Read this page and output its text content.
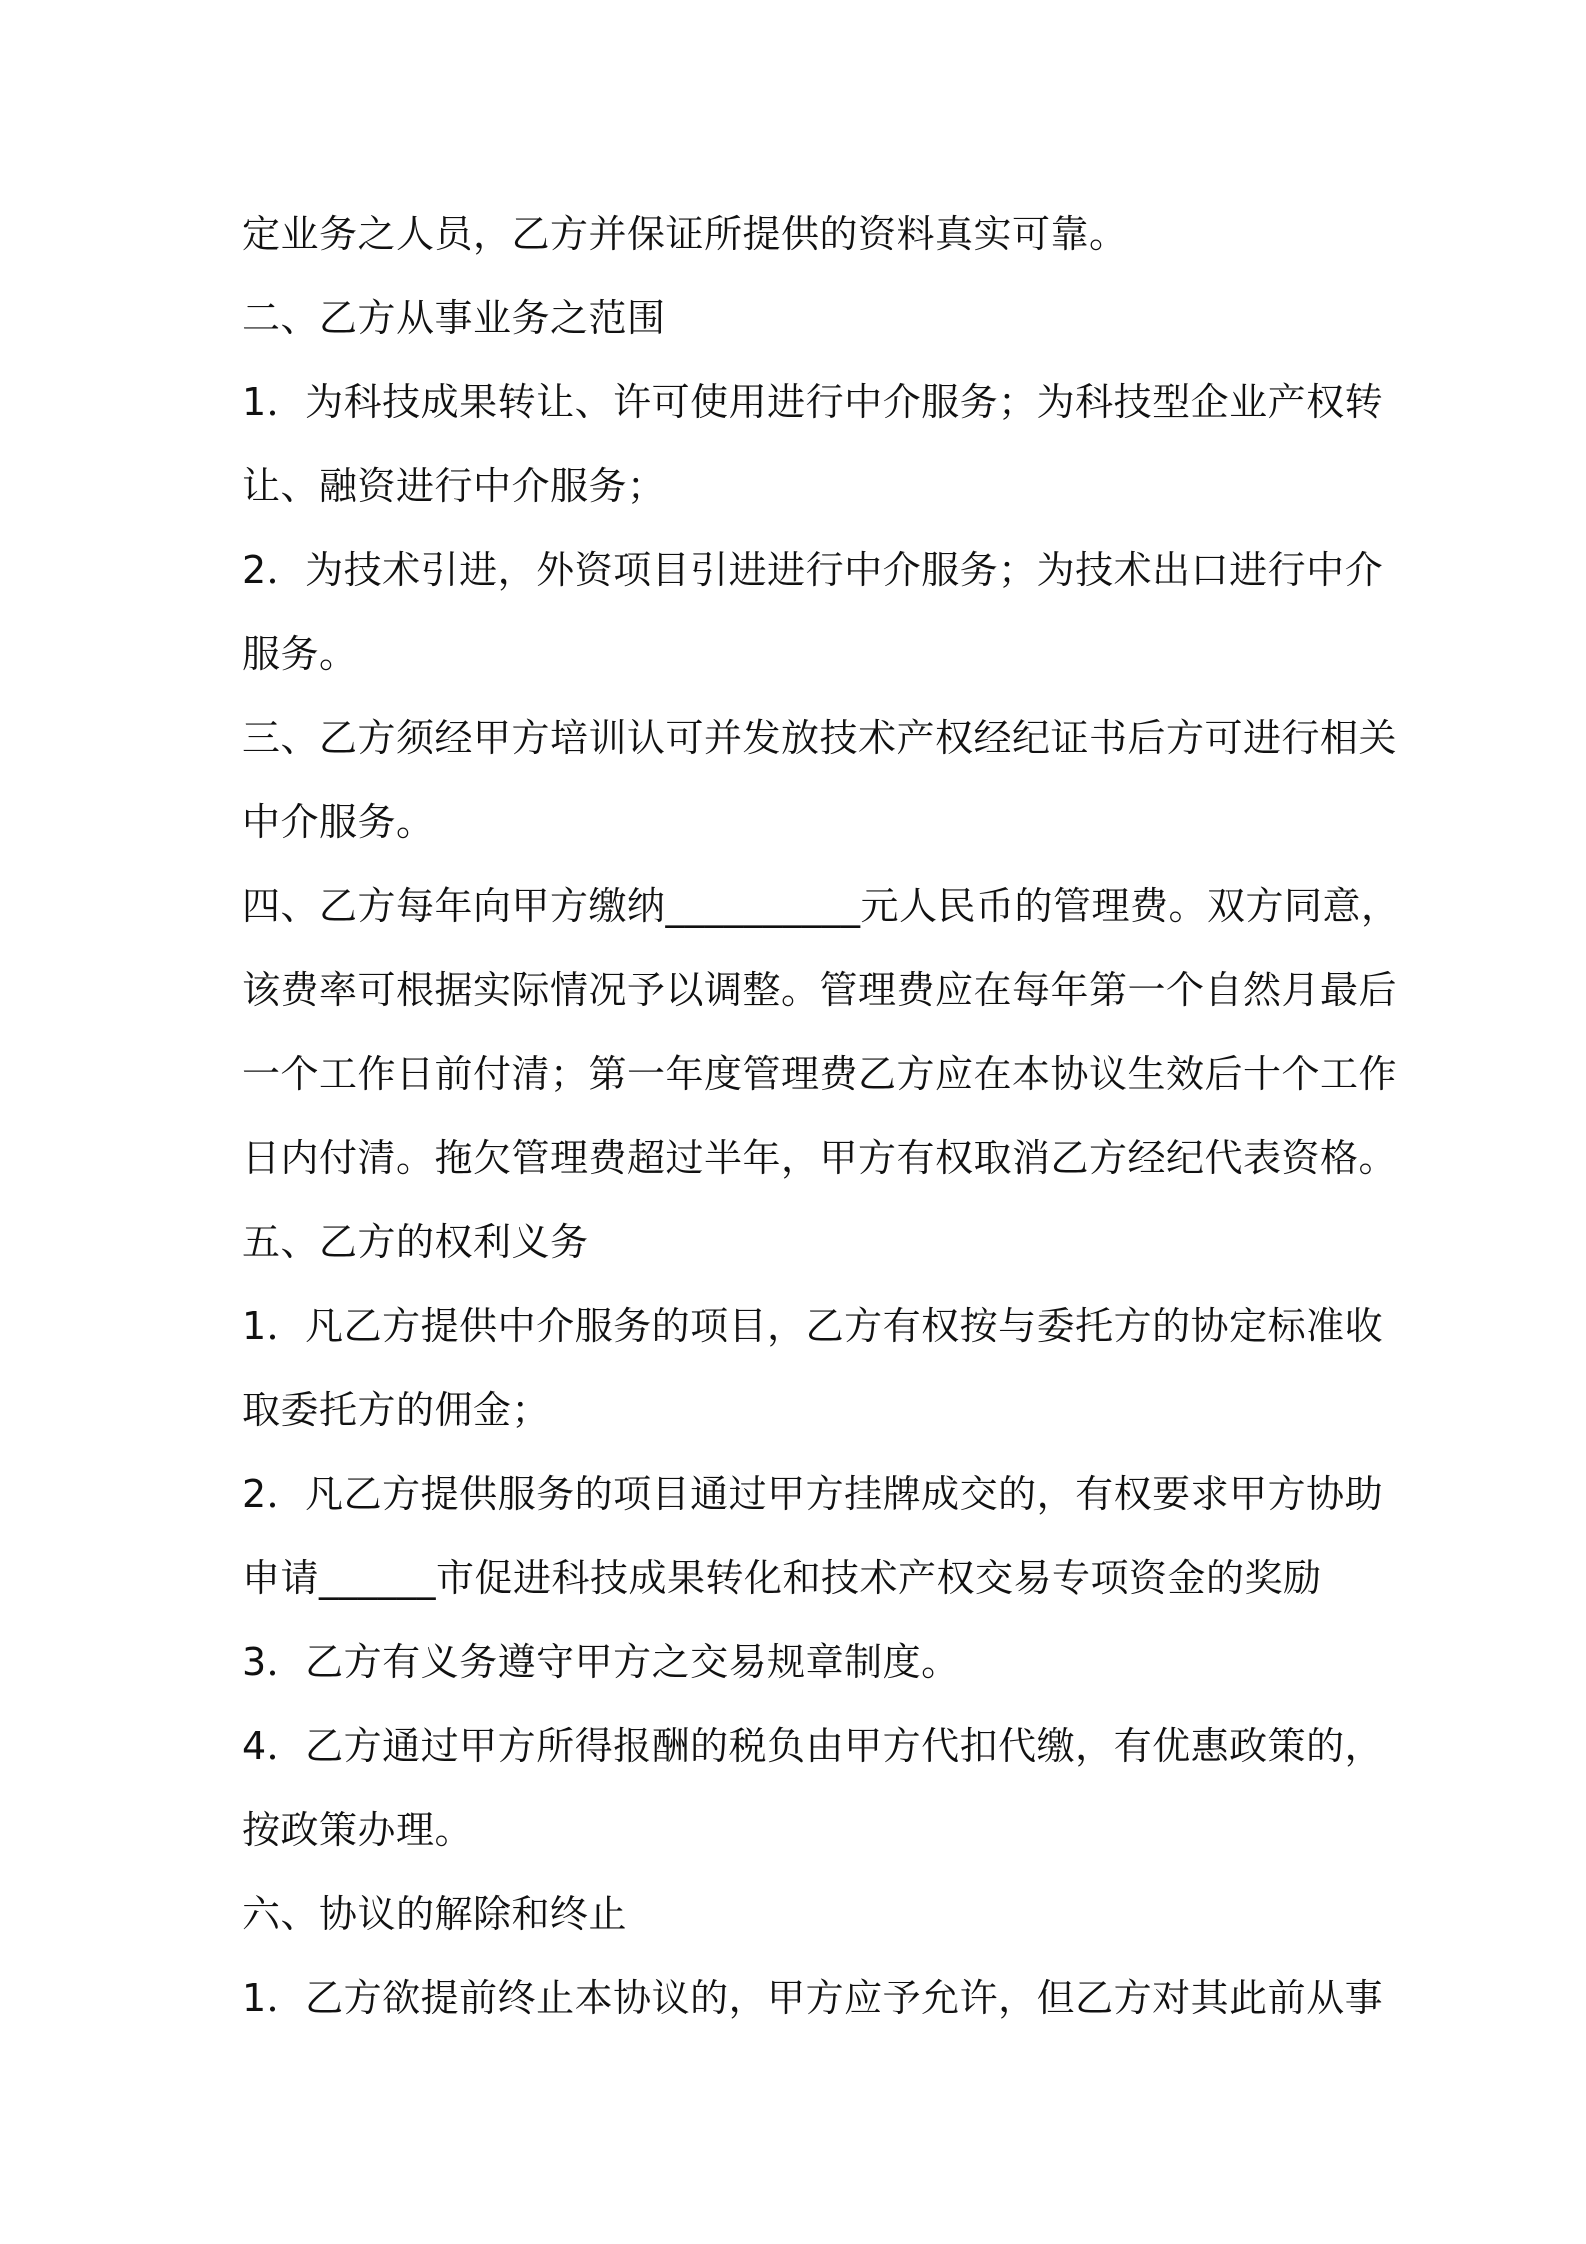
定业务之人员，乙方并保证所提供的资料真实可靠。
二、乙方从事业务之范围
1．为科技成果转让、许可使用进行中介服务；为科技型企业产权转
让、融资进行中介服务；
2．为技术引进，外资项目引进进行中介服务；为技术出口进行中介
服务。
三、乙方须经甲方培训认可并发放技术产权经纪证书后方可进行相关
中介服务。
四、乙方每年向甲方缴纳__________元人民币的管理费。双方同意，
该费率可根据实际情况予以调整。管理费应在每年第一个自然月最后
一个工作日前付清；第一年度管理费乙方应在本协议生效后十个工作
日内付清。拖欠管理费超过半年，甲方有权取消乙方经纪代表资格。
五、乙方的权利义务
1．凡乙方提供中介服务的项目，乙方有权按与委托方的协定标准收
取委托方的佣金；
2．凡乙方提供服务的项目通过甲方挂牌成交的，有权要求甲方协助
申请______市促进科技成果转化和技术产权交易专项资金的奖励
3．乙方有义务遵守甲方之交易规章制度。
4．乙方通过甲方所得报酬的税负由甲方代扣代缴，有优惠政策的，
按政策办理。
六、协议的解除和终止
1．乙方欲提前终止本协议的，甲方应予允许，但乙方对其此前从事
